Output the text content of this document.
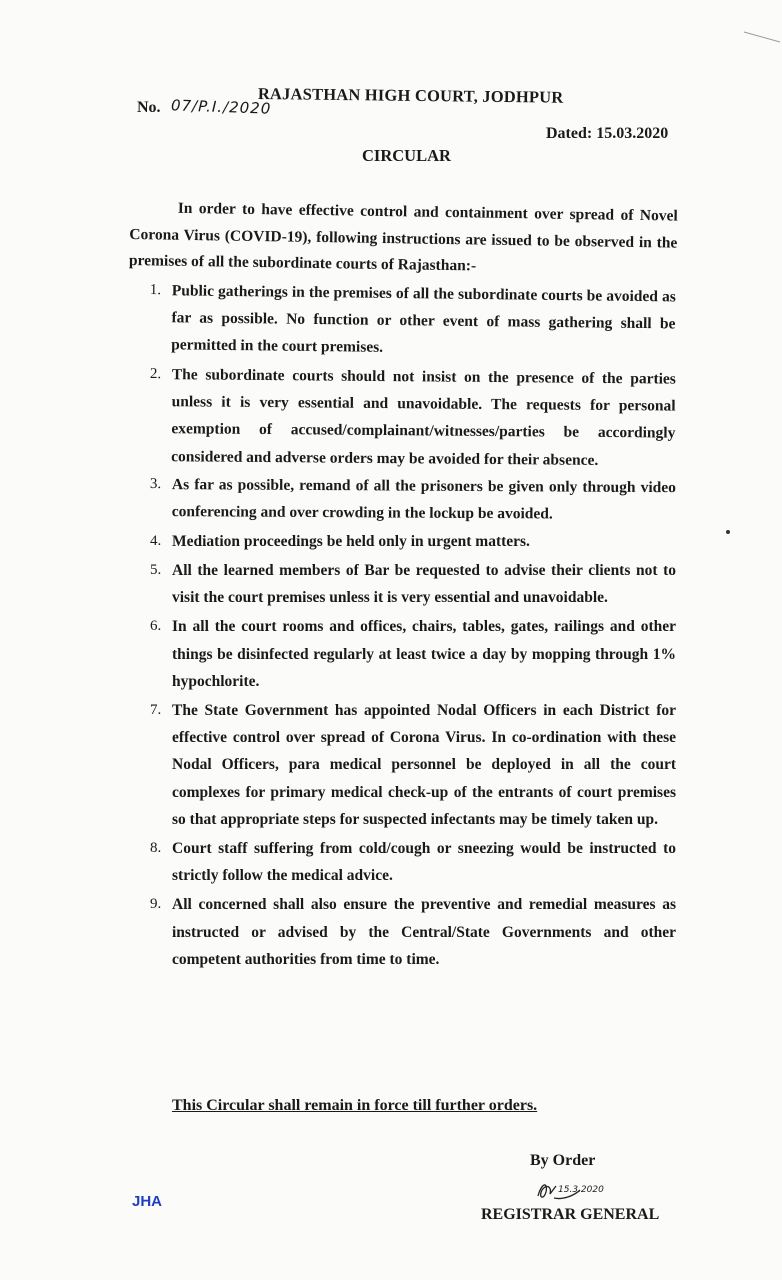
RAJASTHAN HIGH COURT, JODHPUR
No. 07/P.I./2020
Dated: 15.03.2020
CIRCULAR

In order to have effective control and containment over spread of Novel Corona Virus (COVID-19), following instructions are issued to be observed in the premises of all the subordinate courts of Rajasthan:-

1. Public gatherings in the premises of all the subordinate courts be avoided as far as possible. No function or other event of mass gathering shall be permitted in the court premises.
2. The subordinate courts should not insist on the presence of the parties unless it is very essential and unavoidable. The requests for personal exemption of accused/complainant/witnesses/parties be accordingly considered and adverse orders may be avoided for their absence.
3. As far as possible, remand of all the prisoners be given only through video conferencing and over crowding in the lockup be avoided.
4. Mediation proceedings be held only in urgent matters.
5. All the learned members of Bar be requested to advise their clients not to visit the court premises unless it is very essential and unavoidable.
6. In all the court rooms and offices, chairs, tables, gates, railings and other things be disinfected regularly at least twice a day by mopping through 1% hypochlorite.
7. The State Government has appointed Nodal Officers in each District for effective control over spread of Corona Virus. In co-ordination with these Nodal Officers, para medical personnel be deployed in all the court complexes for primary medical check-up of the entrants of court premises so that appropriate steps for suspected infectants may be timely taken up.
8. Court staff suffering from cold/cough or sneezing would be instructed to strictly follow the medical advice.
9. All concerned shall also ensure the preventive and remedial measures as instructed or advised by the Central/State Governments and other competent authorities from time to time.
This Circular shall remain in force till further orders.
By Order
15.3.2020
REGISTRAR GENERAL
JHA
